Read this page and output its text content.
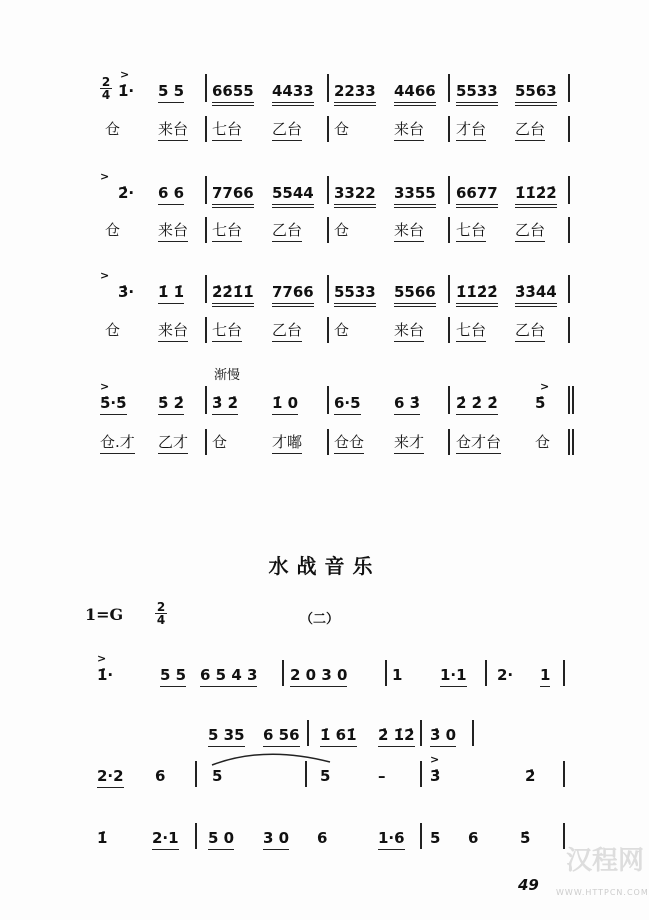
$\frac{2}{4}$
渐慢
水战音乐
1=G	$\frac{2}{4}$	（二）
49
汉程网
WWW.HTTPCN.COM
1̇· 5 5 6655 4433 2233 4466 5533 5563
仓	来台 七台 乙台 仓	来台 才台 乙台
>
2̇· 6 6 7766 5544 3322 3355 6677 1̇1̇2̇2̇
仓	来台 七台 乙台 仓	来台 七台 乙台
>
3̇· 1̇ 1̇ 2̇2̇1̇1̇ 7766 5533 5566 1̇1̇2̇2̇ 3̇3̇4̇4̇
仓	来台 七台 乙台 仓	来台 七台 乙台
>
5̇·5̇ 5̇ 2̇ 3̇ 2̇ 1̇ 0 6·5 6 3̇ 2̇ 2̇ 2̇ 5̇
仓.才 乙才 仓	才嘟 仓仓 来才 仓才台 仓
>	>
1̇·	5 5 6 5 4 3 2 0 3 0	1	1·1 2· 1
5 35 6 56 1̇ 61̇ 2̇ 1̇2̇ 3̇ 0
2·2 6	5	5	–	3̇	2̇
1̇	2·1 5 0 3 0 6	1·6 5 6	5̇
>
>
